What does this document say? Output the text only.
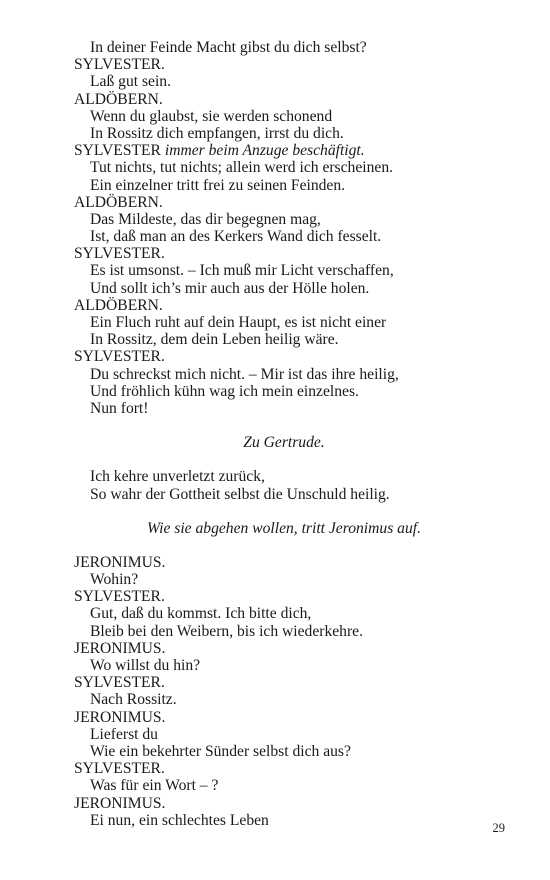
In deiner Feinde Macht gibst du dich selbst?
SYLVESTER.
Laß gut sein.
ALDÖBERN.
Wenn du glaubst, sie werden schonend
In Rossitz dich empfangen, irrst du dich.
SYLVESTER immer beim Anzuge beschäftigt.
Tut nichts, tut nichts; allein werd ich erscheinen.
Ein einzelner tritt frei zu seinen Feinden.
ALDÖBERN.
Das Mildeste, das dir begegnen mag,
Ist, daß man an des Kerkers Wand dich fesselt.
SYLVESTER.
Es ist umsonst. – Ich muß mir Licht verschaffen,
Und sollt ich’s mir auch aus der Hölle holen.
ALDÖBERN.
Ein Fluch ruht auf dein Haupt, es ist nicht einer
In Rossitz, dem dein Leben heilig wäre.
SYLVESTER.
Du schreckst mich nicht. – Mir ist das ihre heilig,
Und fröhlich kühn wag ich mein einzelnes.
Nun fort!
Zu Gertrude.
Ich kehre unverletzt zurück,
So wahr der Gottheit selbst die Unschuld heilig.
Wie sie abgehen wollen, tritt Jeronimus auf.
JERONIMUS.
Wohin?
SYLVESTER.
Gut, daß du kommst. Ich bitte dich,
Bleib bei den Weibern, bis ich wiederkehre.
JERONIMUS.
Wo willst du hin?
SYLVESTER.
Nach Rossitz.
JERONIMUS.
Lieferst du
Wie ein bekehrter Sünder selbst dich aus?
SYLVESTER.
Was für ein Wort – ?
JERONIMUS.
Ei nun, ein schlechtes Leben	29
